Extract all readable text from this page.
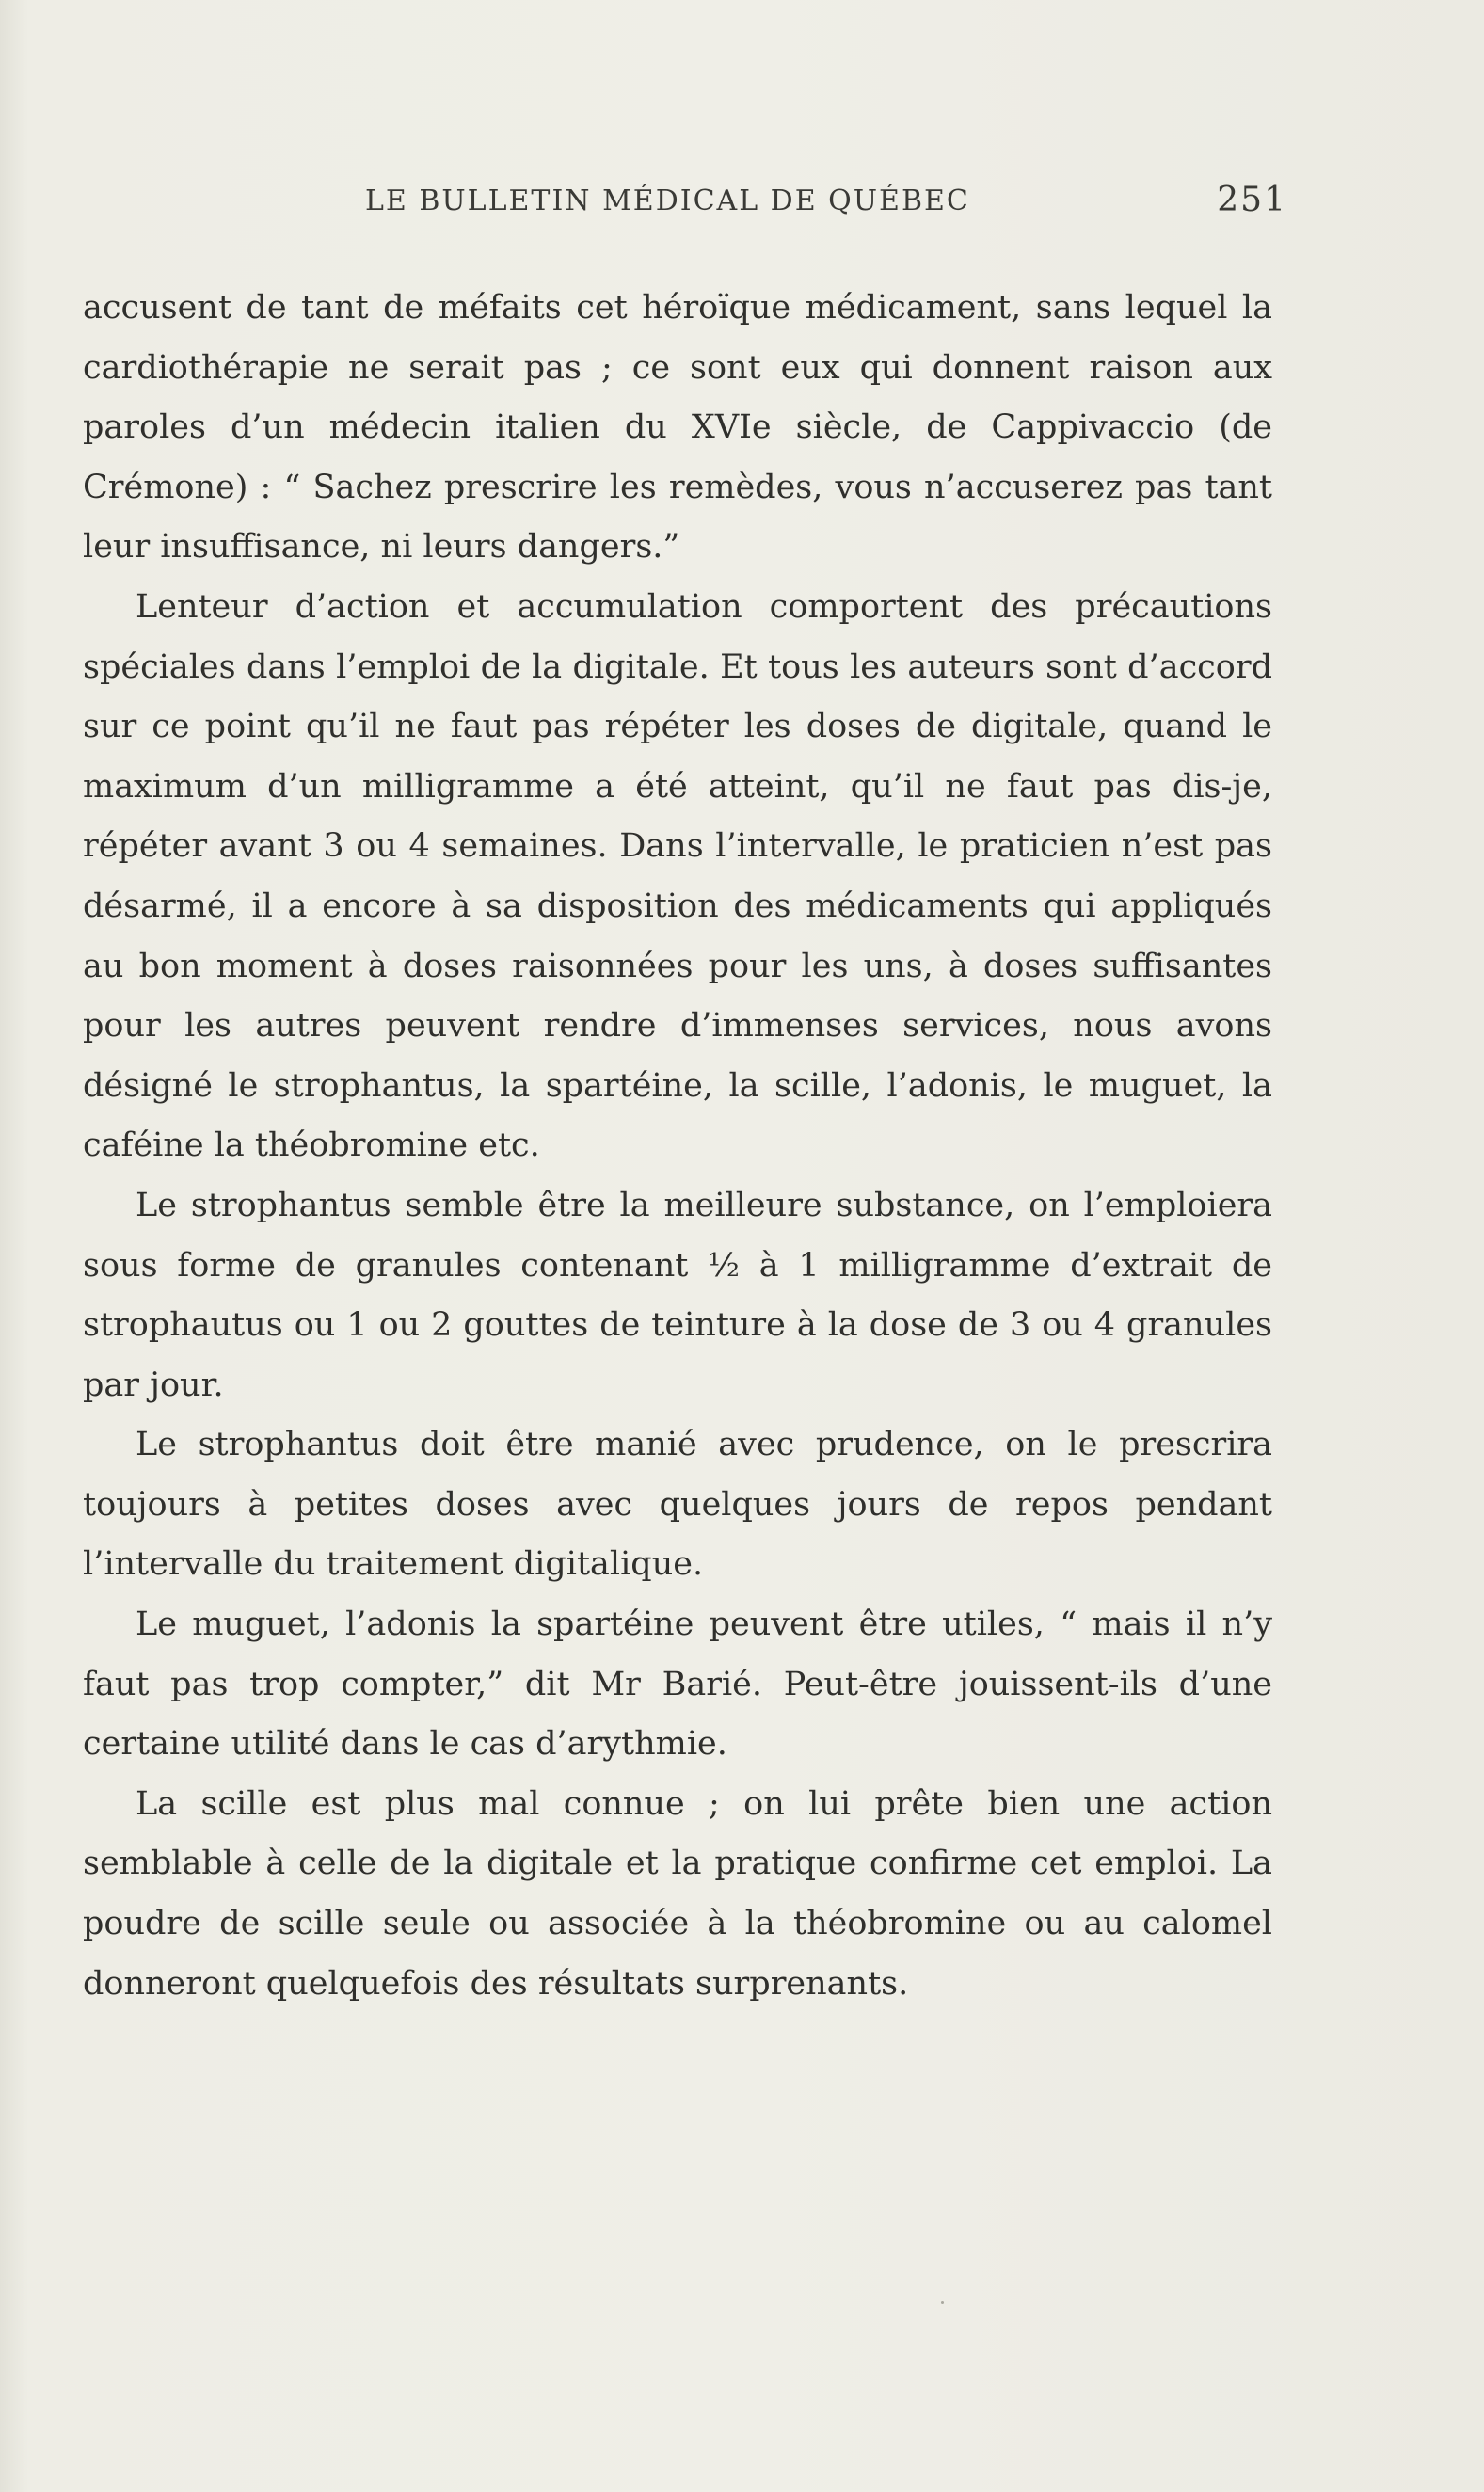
LE BULLETIN MÉDICAL DE QUÉBEC	251

accusent de tant de méfaits cet héroïque médicament, sans lequel la cardiothérapie ne serait pas ; ce sont eux qui donnent raison aux paroles d’un médecin italien du XVIe siècle, de Cappivaccio (de Crémone) : “ Sachez prescrire les remèdes, vous n’accuserez pas tant leur insuffisance, ni leurs dangers.”

Lenteur d’action et accumulation comportent des précautions spéciales dans l’emploi de la digitale. Et tous les auteurs sont d’accord sur ce point qu’il ne faut pas répéter les doses de digitale, quand le maximum d’un milligramme a été atteint, qu’il ne faut pas dis-je, répéter avant 3 ou 4 semaines. Dans l’intervalle, le praticien n’est pas désarmé, il a encore à sa disposition des médicaments qui appliqués au bon moment à doses raisonnées pour les uns, à doses suffisantes pour les autres peuvent rendre d’immenses services, nous avons désigné le strophantus, la spartéine, la scille, l’adonis, le muguet, la caféine la théobromine etc.

Le strophantus semble être la meilleure substance, on l’emploiera sous forme de granules contenant ½ à 1 milligramme d’extrait de strophautus ou 1 ou 2 gouttes de teinture à la dose de 3 ou 4 granules par jour.

Le strophantus doit être manié avec prudence, on le prescrira toujours à petites doses avec quelques jours de repos pendant l’intervalle du traitement digitalique.

Le muguet, l’adonis la spartéine peuvent être utiles, “ mais il n’y faut pas trop compter,” dit Mr Barié. Peut-être jouissent-ils d’une certaine utilité dans le cas d’arythmie.

La scille est plus mal connue ; on lui prête bien une action semblable à celle de la digitale et la pratique confirme cet emploi. La poudre de scille seule ou associée à la théobromine ou au calomel donneront quelquefois des résultats surprenants.
